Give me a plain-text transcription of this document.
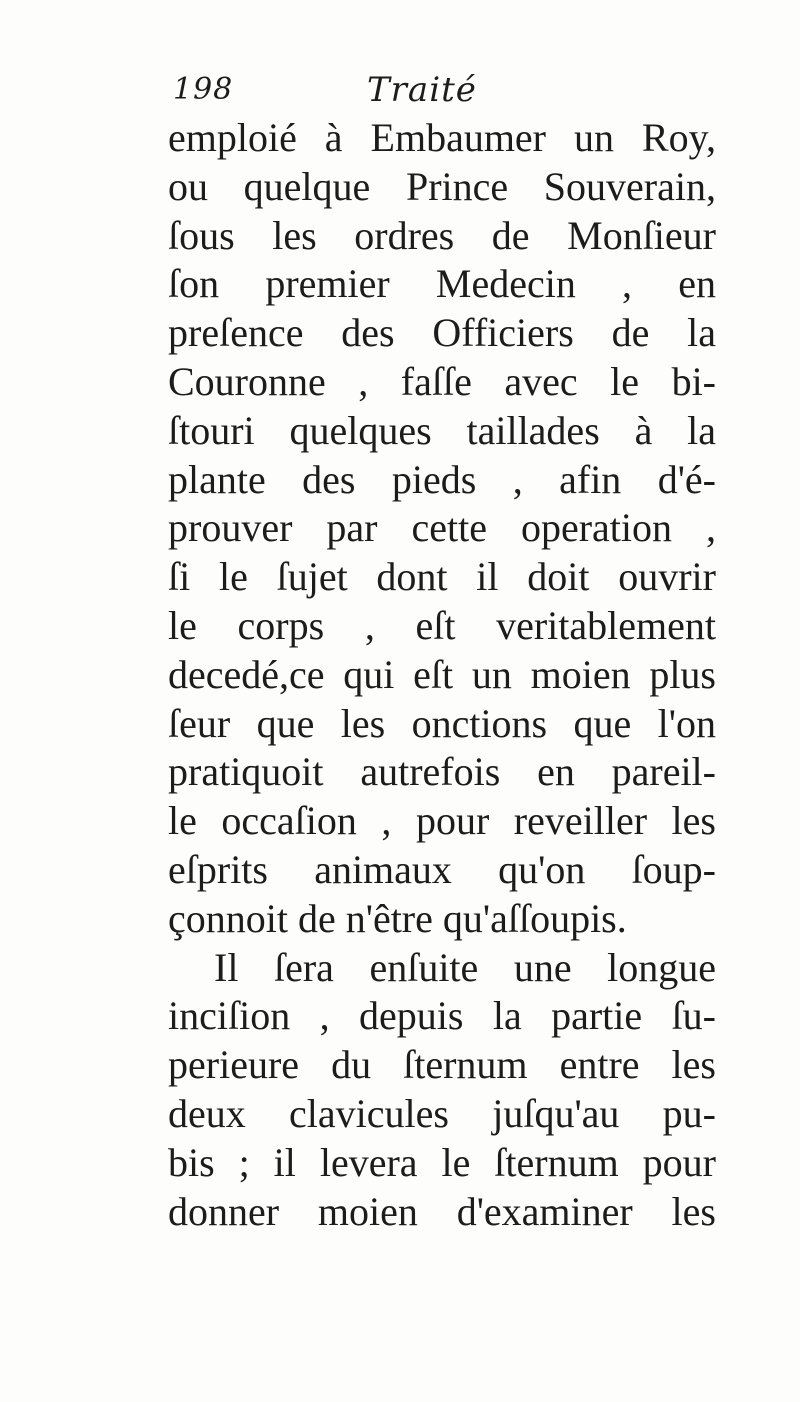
198	Traité
emploié à Embaumer un Roy,
ou quelque Prince Souverain,
ſous les ordres de Monſieur
ſon premier Medecin , en
preſence des Officiers de la
Couronne , faſſe avec le bi-
ſtouri quelques taillades à la
plante des pieds , afin d'é-
prouver par cette operation ,
ſi le ſujet dont il doit ouvrir
le corps , eſt veritablement
decedé,ce qui eſt un moien plus
ſeur que les onctions que l'on
pratiquoit autrefois en pareil-
le occaſion , pour reveiller les
eſprits animaux qu'on ſoup-
çonnoit de n'être qu'aſſoupis.
Il ſera enſuite une longue
inciſion , depuis la partie ſu-
perieure du ſternum entre les
deux clavicules juſqu'au pu-
bis ; il levera le ſternum pour
donner moien d'examiner les
